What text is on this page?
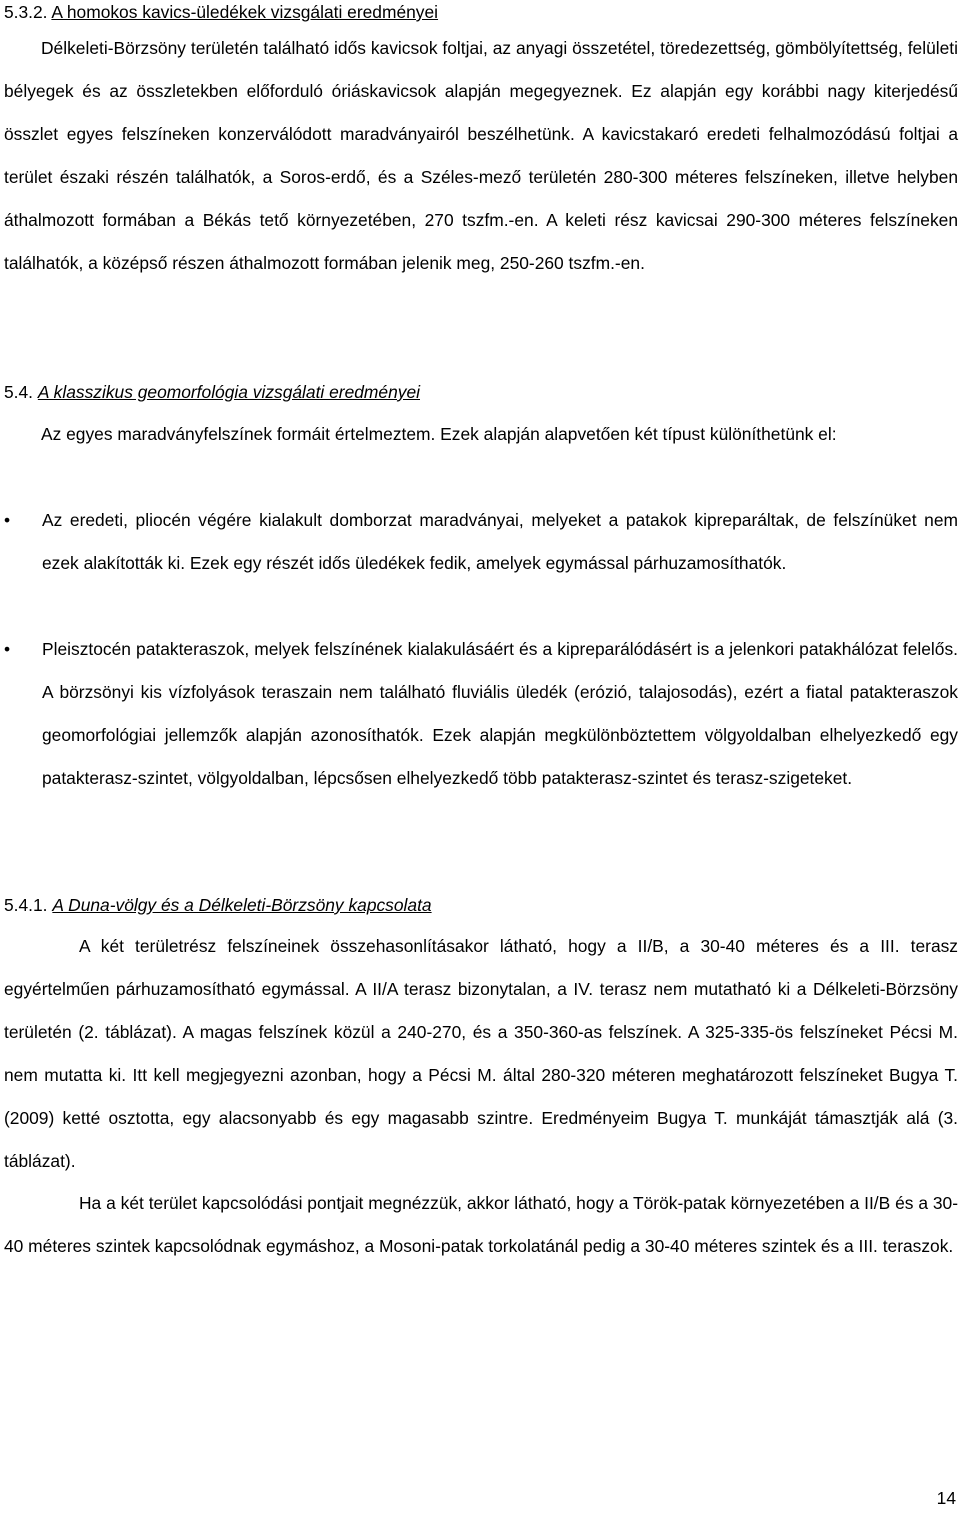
5.3.2. A homokos kavics-üledékek vizsgálati eredményei

Délkeleti-Börzsöny területén található idős kavicsok foltjai, az anyagi összetétel, töredezettség, gömbölyítettség, felületi bélyegek és az összletekben előforduló óriáskavicsok alapján megegyeznek. Ez alapján egy korábbi nagy kiterjedésű összlet egyes felszíneken konzerválódott maradványairól beszélhetünk. A kavicstakaró eredeti felhalmozódású foltjai a terület északi részén találhatók, a Soros-erdő, és a Széles-mező területén 280-300 méteres felszíneken, illetve helyben áthalmozott formában a Békás tető környezetében, 270 tszfm.-en. A keleti rész kavicsai 290-300 méteres felszíneken találhatók, a középső részen áthalmozott formában jelenik meg, 250-260 tszfm.-en.

5.4. A klasszikus geomorfológia vizsgálati eredményei

Az egyes maradványfelszínek formáit értelmeztem. Ezek alapján alapvetően két típust különíthetünk el:

• Az eredeti, pliocén végére kialakult domborzat maradványai, melyeket a patakok kipreparáltak, de felszínüket nem ezek alakították ki. Ezek egy részét idős üledékek fedik, amelyek egymással párhuzamosíthatók.
• Pleisztocén patakteraszok, melyek felszínének kialakulásáért és a kipreparálódásért is a jelenkori patakhálózat felelős. A börzsönyi kis vízfolyások teraszain nem található fluviális üledék (erózió, talajosodás), ezért a fiatal patakteraszok geomorfológiai jellemzők alapján azonosíthatók. Ezek alapján megkülönböztettem völgyoldalban elhelyezkedő egy patakterasz-szintet, völgyoldalban, lépcsősen elhelyezkedő több patakterasz-szintet és terasz-szigeteket.
5.4.1. A Duna-völgy és a Délkeleti-Börzsöny kapcsolata

A két területrész felszíneinek összehasonlításakor látható, hogy a II/B, a 30-40 méteres és a III. terasz egyértelműen párhuzamosítható egymással. A II/A terasz bizonytalan, a IV. terasz nem mutatható ki a Délkeleti-Börzsöny területén (2. táblázat). A magas felszínek közül a 240-270, és a 350-360-as felszínek. A 325-335-ös felszíneket Pécsi M. nem mutatta ki. Itt kell megjegyezni azonban, hogy a Pécsi M. által 280-320 méteren meghatározott felszíneket Bugya T. (2009) ketté osztotta, egy alacsonyabb és egy magasabb szintre. Eredményeim Bugya T. munkáját támasztják alá (3. táblázat).

Ha a két terület kapcsolódási pontjait megnézzük, akkor látható, hogy a Török-patak környezetében a II/B és a 30-40 méteres szintek kapcsolódnak egymáshoz, a Mosoni-patak torkolatánál pedig a 30-40 méteres szintek és a III. teraszok.

14
